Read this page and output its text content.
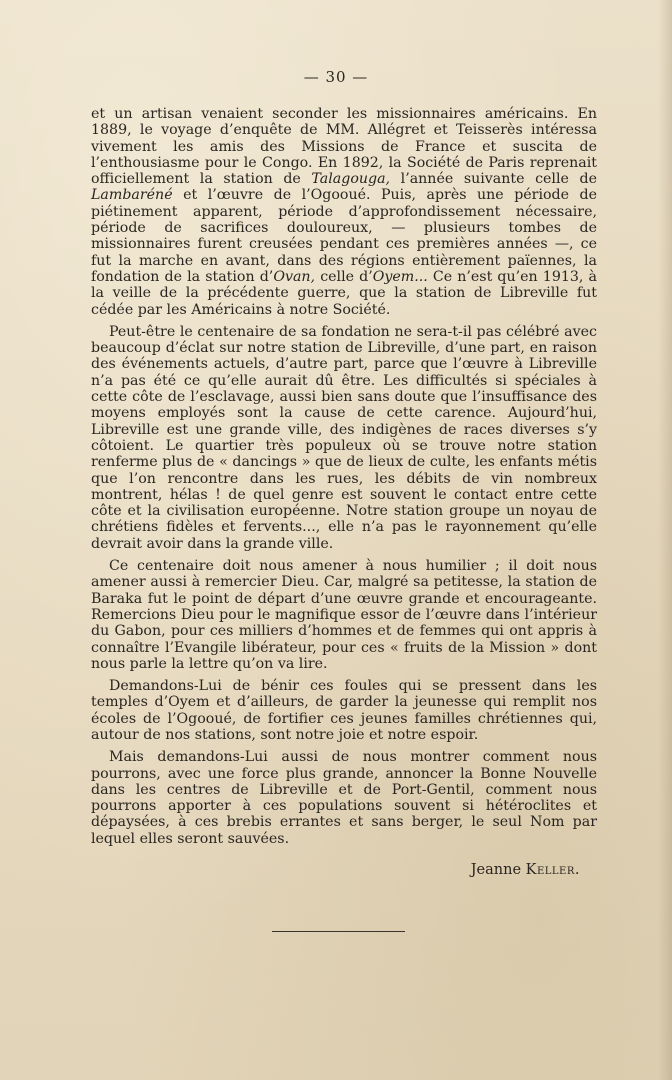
— 30 —

et un artisan venaient seconder les missionnaires américains. En 1889, le voyage d’enquête de MM. Allégret et Teisserès intéressa vivement les amis des Missions de France et suscita de l’enthousiasme pour le Congo. En 1892, la Société de Paris reprenait officiellement la station de Talagouga, l’année suivante celle de Lambaréné et l’œuvre de l’Ogooué. Puis, après une période de piétinement apparent, période d’approfondissement nécessaire, période de sacrifices douloureux, — plusieurs tombes de missionnaires furent creusées pendant ces premières années —, ce fut la marche en avant, dans des régions entièrement païennes, la fondation de la station d’Ovan, celle d’Oyem... Ce n’est qu’en 1913, à la veille de la précédente guerre, que la station de Libreville fut cédée par les Américains à notre Société.

Peut-être le centenaire de sa fondation ne sera-t-il pas célébré avec beaucoup d’éclat sur notre station de Libreville, d’une part, en raison des événements actuels, d’autre part, parce que l’œuvre à Libreville n’a pas été ce qu’elle aurait dû être. Les difficultés si spéciales à cette côte de l’esclavage, aussi bien sans doute que l’insuffisance des moyens employés sont la cause de cette carence. Aujourd’hui, Libreville est une grande ville, des indigènes de races diverses s’y côtoient. Le quartier très populeux où se trouve notre station renferme plus de « dancings » que de lieux de culte, les enfants métis que l’on rencontre dans les rues, les débits de vin nombreux montrent, hélas ! de quel genre est souvent le contact entre cette côte et la civilisation européenne. Notre station groupe un noyau de chrétiens fidèles et fervents..., elle n’a pas le rayonnement qu’elle devrait avoir dans la grande ville.

Ce centenaire doit nous amener à nous humilier ; il doit nous amener aussi à remercier Dieu. Car, malgré sa petitesse, la station de Baraka fut le point de départ d’une œuvre grande et encourageante. Remercions Dieu pour le magnifique essor de l’œuvre dans l’intérieur du Gabon, pour ces milliers d’hommes et de femmes qui ont appris à connaître l’Evangile libérateur, pour ces « fruits de la Mission » dont nous parle la lettre qu’on va lire.

Demandons-Lui de bénir ces foules qui se pressent dans les temples d’Oyem et d’ailleurs, de garder la jeunesse qui remplit nos écoles de l’Ogooué, de fortifier ces jeunes familles chrétiennes qui, autour de nos stations, sont notre joie et notre espoir.

Mais demandons-Lui aussi de nous montrer comment nous pourrons, avec une force plus grande, annoncer la Bonne Nouvelle dans les centres de Libreville et de Port-Gentil, comment nous pourrons apporter à ces populations souvent si hétéroclites et dépaysées, à ces brebis errantes et sans berger, le seul Nom par lequel elles seront sauvées.

Jeanne Keller.
